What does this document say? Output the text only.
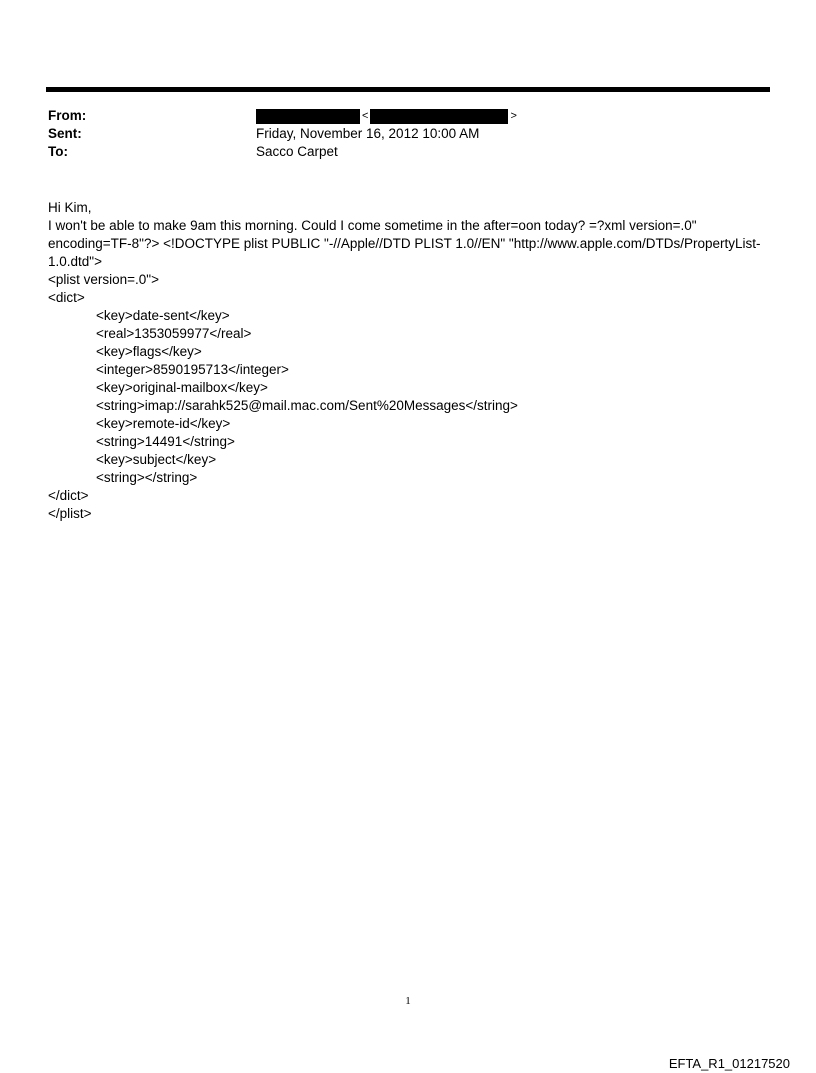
From:	<	>
Sent:	Friday, November 16, 2012 10:00 AM
To:	Sacco Carpet

Hi Kim,

I won't be able to make 9am this morning. Could I come sometime in the after=oon today? =?xml version=.0" encoding=TF-8"?> <!DOCTYPE plist PUBLIC "-//Apple//DTD PLIST 1.0//EN" "http://www.apple.com/DTDs/PropertyList-1.0.dtd">

<plist version=.0">

<dict>

<key>date-sent</key>

<real>1353059977</real>

<key>flags</key>

<integer>8590195713</integer>

<key>original-mailbox</key>

<string>imap://sarahk525@mail.mac.com/Sent%20Messages</string>

<key>remote-id</key>

<string>14491</string>

<key>subject</key>

<string></string>

</dict>

</plist>

1
EFTA_R1_01217520
